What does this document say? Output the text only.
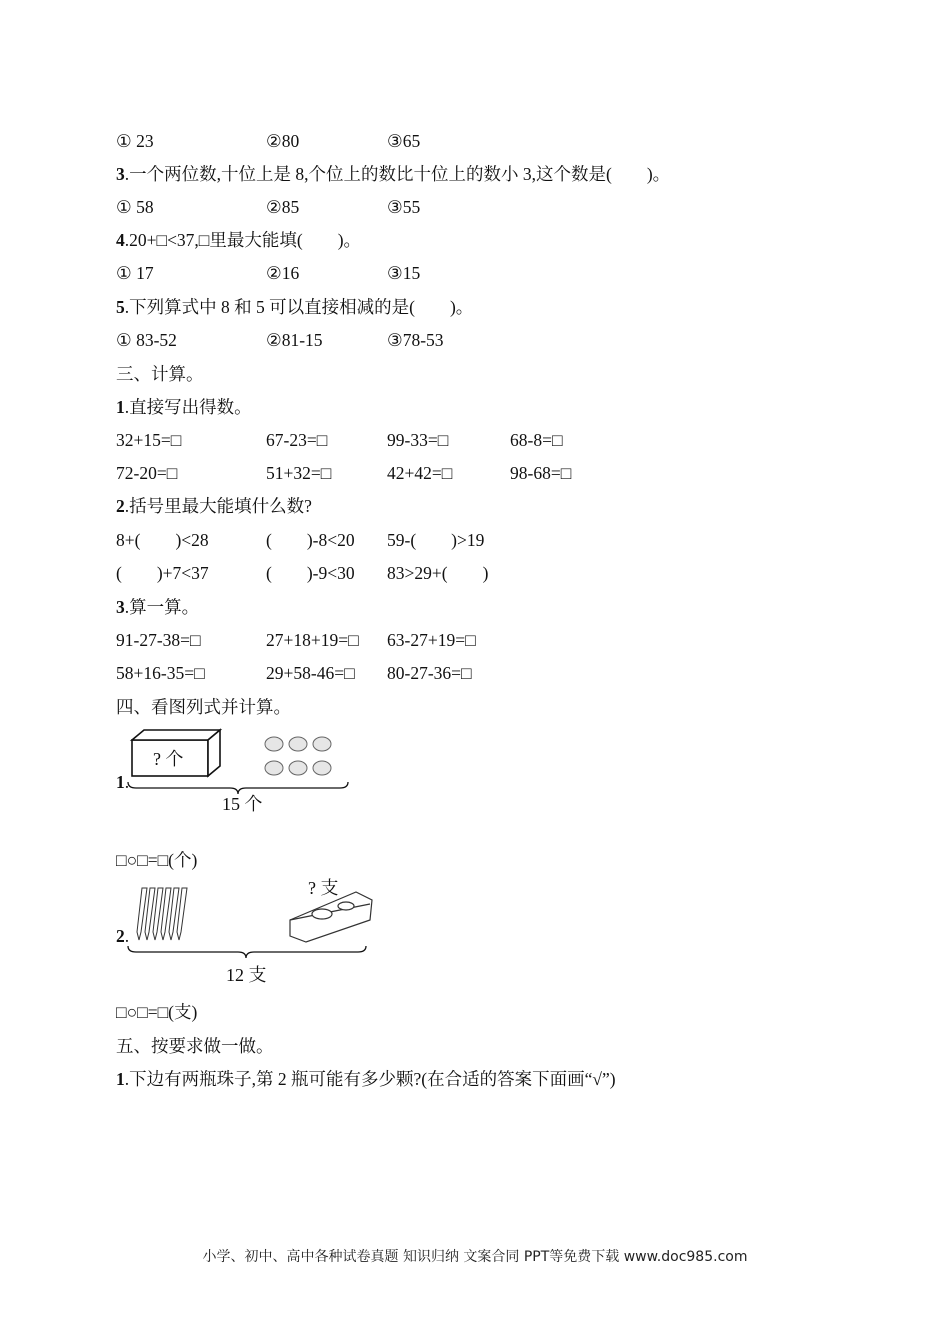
① 23	②80	③65
3.一个两位数,十位上是 8,个位上的数比十位上的数小 3,这个数是(　　)。
① 58	②85	③55
4.20+□<37,□里最大能填(　　)。
① 17	②16	③15
5.下列算式中 8 和 5 可以直接相减的是(　　)。
① 83-52	②81-15	③78-53
三、计算。
1.直接写出得数。
32+15=□	67-23=□	99-33=□	68-8=□
72-20=□	51+32=□	42+42=□	98-68=□
2.括号里最大能填什么数?
8+(　　)<28	(　　)-8<20 59-(　　)>19
(　　)+7<37	(　　)-9<30 83>29+(　　)
3.算一算。
91-27-38=□	27+18+19=□ 63-27+19=□
58+16-35=□	29+58-46=□ 80-27-36=□
四、看图列式并计算。
1.
□○□=□(个)
2.
□○□=□(支)
五、按要求做一做。
1.下边有两瓶珠子,第 2 瓶可能有多少颗?(在合适的答案下面画“√”)
? 个
15 个
? 支
12 支
小学、初中、高中各种试卷真题 知识归纳 文案合同 PPT等免费下载 www.doc985.com
